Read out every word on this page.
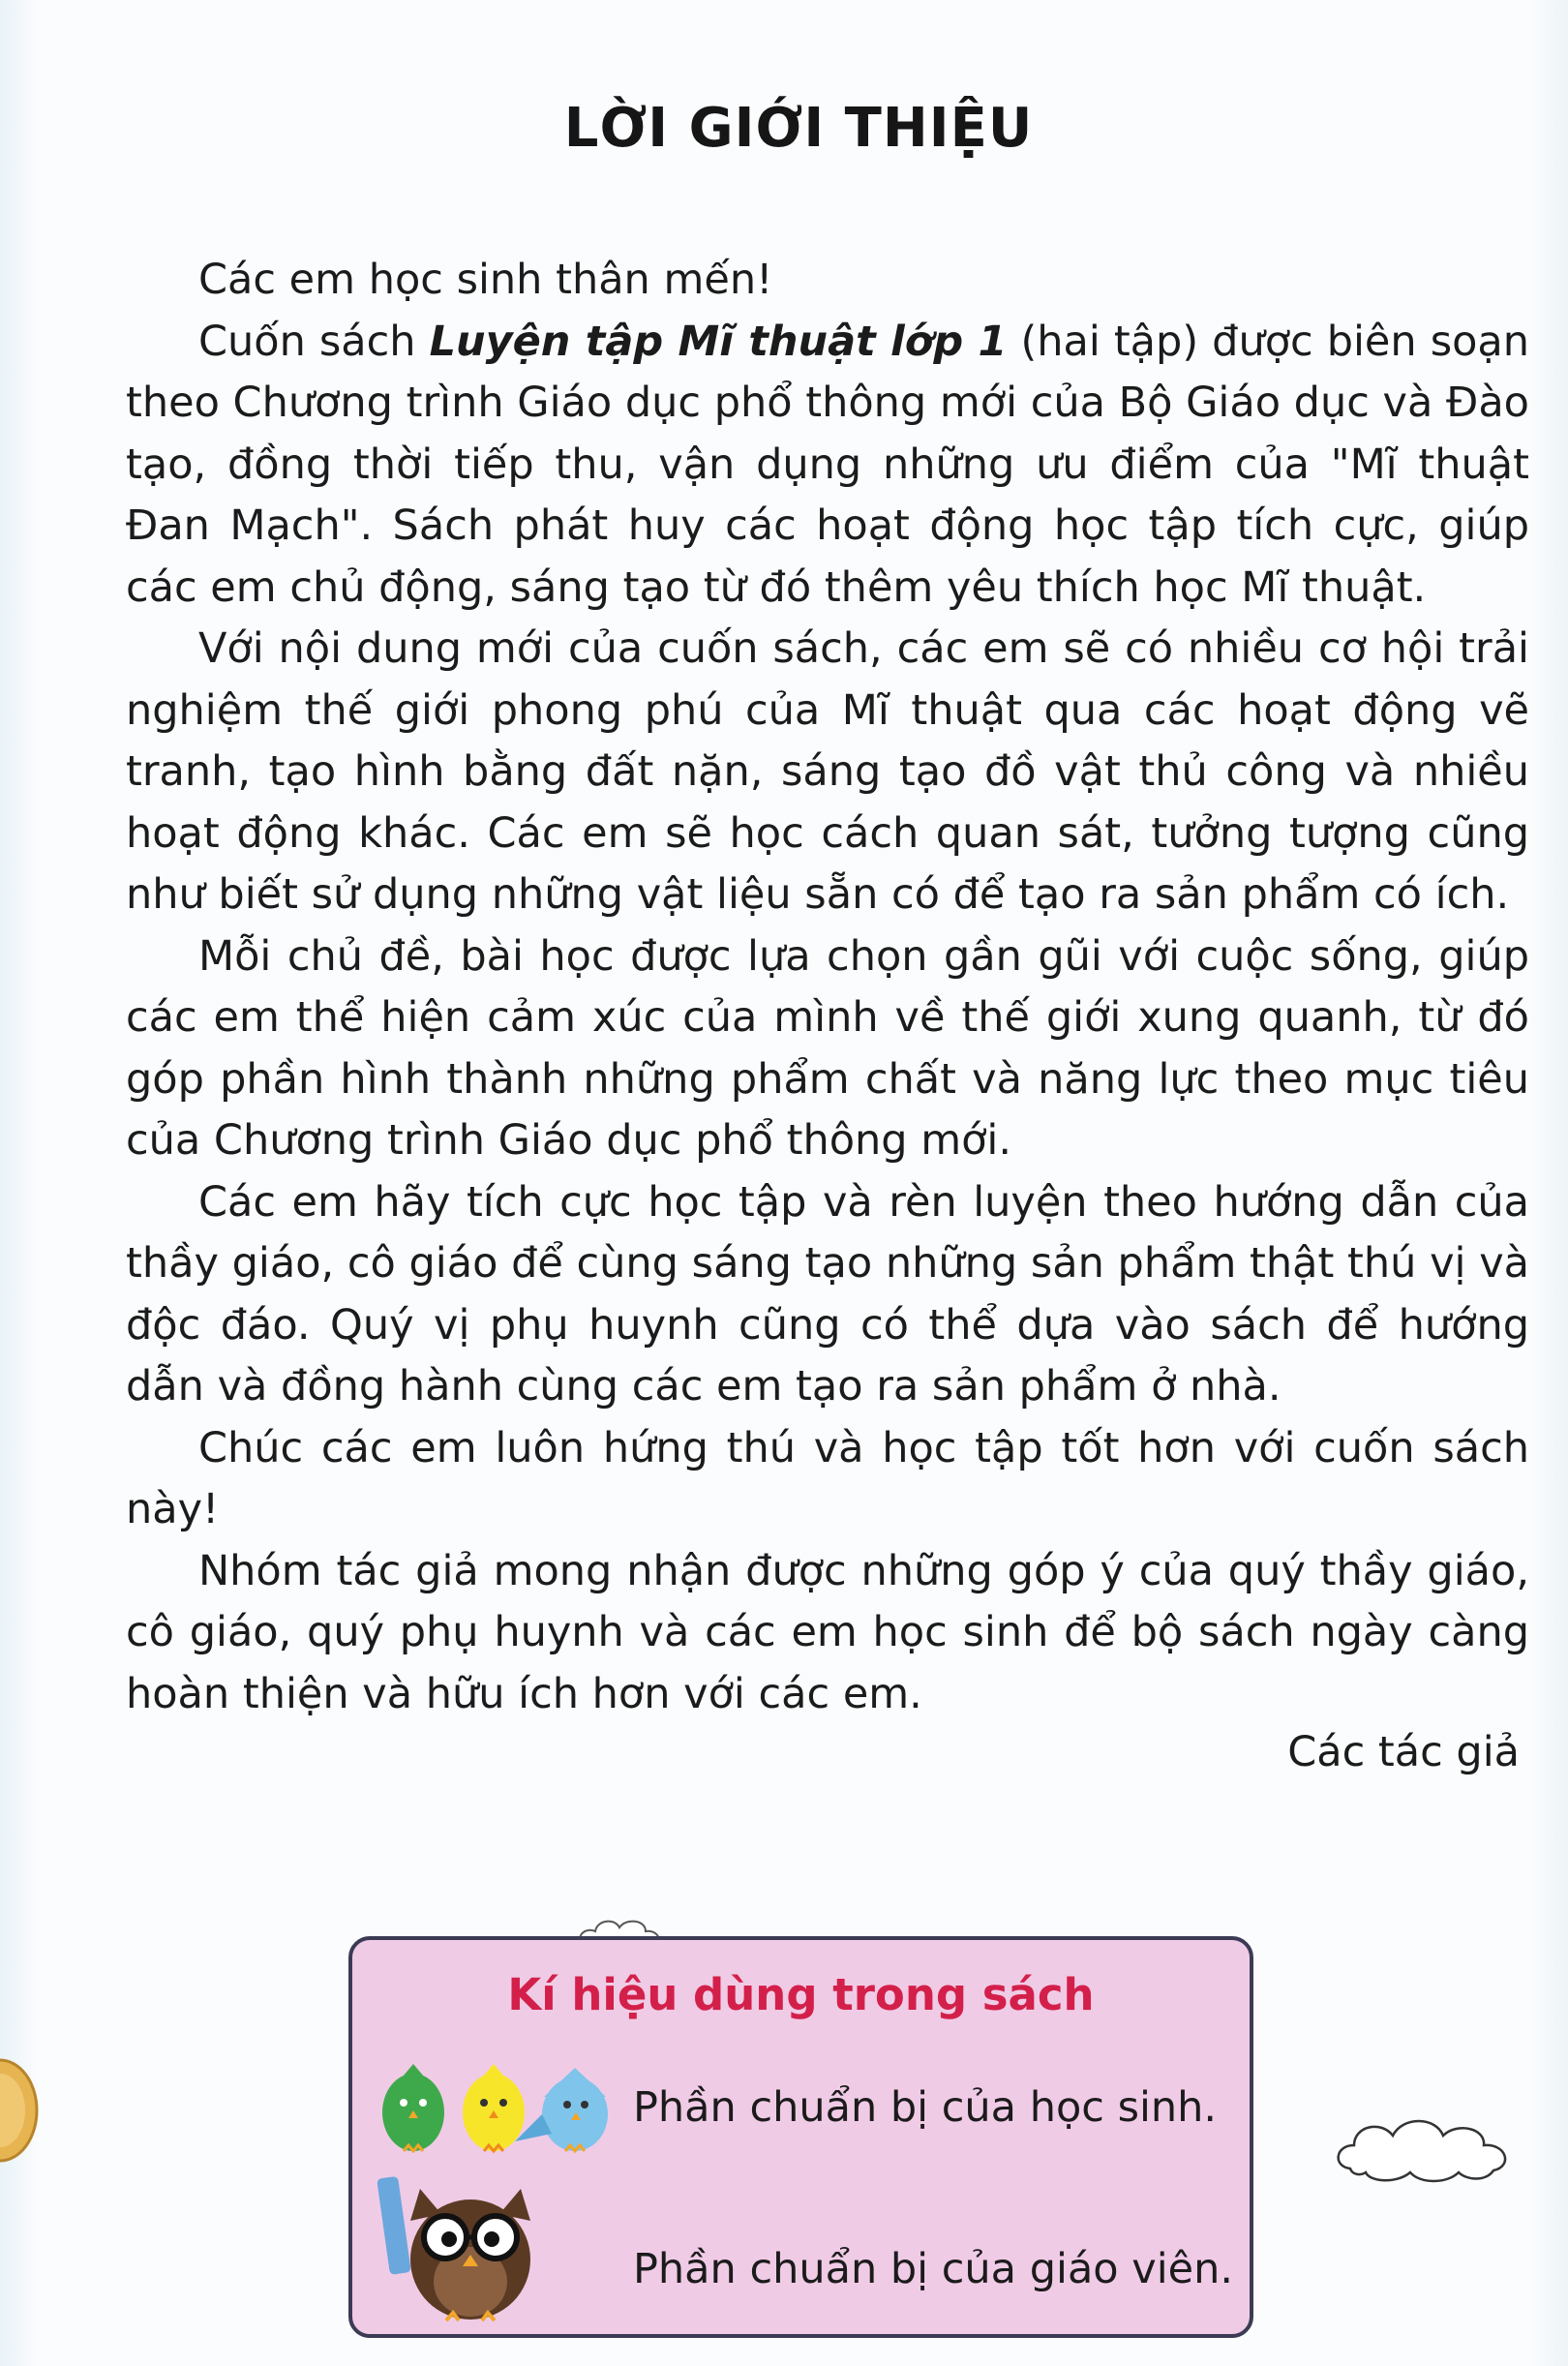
LỜI GIỚI THIỆU

Các em học sinh thân mến!

Cuốn sách Luyện tập Mĩ thuật lớp 1 (hai tập) được biên soạn theo Chương trình Giáo dục phổ thông mới của Bộ Giáo dục và Đào tạo, đồng thời tiếp thu, vận dụng những ưu điểm của "Mĩ thuật Đan Mạch". Sách phát huy các hoạt động học tập tích cực, giúp các em chủ động, sáng tạo từ đó thêm yêu thích học Mĩ thuật.

Với nội dung mới của cuốn sách, các em sẽ có nhiều cơ hội trải nghiệm thế giới phong phú của Mĩ thuật qua các hoạt động vẽ tranh, tạo hình bằng đất nặn, sáng tạo đồ vật thủ công và nhiều hoạt động khác. Các em sẽ học cách quan sát, tưởng tượng cũng như biết sử dụng những vật liệu sẵn có để tạo ra sản phẩm có ích.

Mỗi chủ đề, bài học được lựa chọn gần gũi với cuộc sống, giúp các em thể hiện cảm xúc của mình về thế giới xung quanh, từ đó góp phần hình thành những phẩm chất và năng lực theo mục tiêu của Chương trình Giáo dục phổ thông mới.

Các em hãy tích cực học tập và rèn luyện theo hướng dẫn của thầy giáo, cô giáo để cùng sáng tạo những sản phẩm thật thú vị và độc đáo. Quý vị phụ huynh cũng có thể dựa vào sách để hướng dẫn và đồng hành cùng các em tạo ra sản phẩm ở nhà.

Chúc các em luôn hứng thú và học tập tốt hơn với cuốn sách này!

Nhóm tác giả mong nhận được những góp ý của quý thầy giáo, cô giáo, quý phụ huynh và các em học sinh để bộ sách ngày càng hoàn thiện và hữu ích hơn với các em.

Các tác giả
Kí hiệu dùng trong sách
Phần chuẩn bị của học sinh.
Phần chuẩn bị của giáo viên.
